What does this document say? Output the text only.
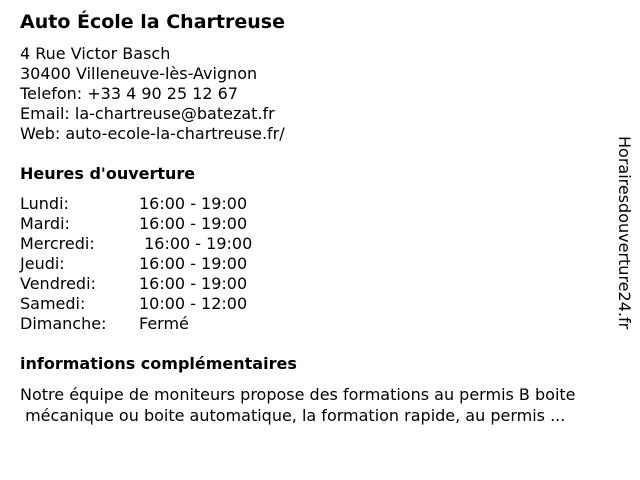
Auto École la Chartreuse
4 Rue Victor Basch
30400 Villeneuve-lès-Avignon
Telefon: +33 4 90 25 12 67
Email: la-chartreuse@batezat.fr
Web: auto-ecole-la-chartreuse.fr/
Heures d'ouverture
Lundi:	16:00 - 19:00
Mardi:	16:00 - 19:00
Mercredi:	16:00 - 19:00
Jeudi:	16:00 - 19:00
Vendredi:	16:00 - 19:00
Samedi:	10:00 - 12:00
Dimanche:	Fermé
informations complémentaires
Notre équipe de moniteurs propose des formations au permis B boite
mécanique ou boite automatique, la formation rapide, au permis ...
Horairesdouverture24.fr
